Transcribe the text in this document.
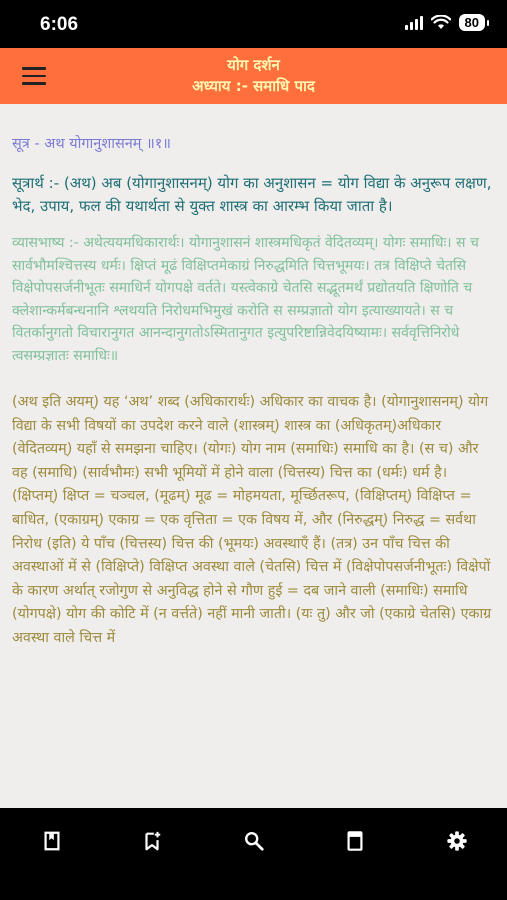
6:06	80
योग दर्शन
अध्याय :- समाधि पाद

सूत्र - अथ योगानुशासनम् ॥१॥

सूत्रार्थ :- (अथ) अब (योगानुशासनम्) योग का अनुशासन = योग विद्या के अनुरूप लक्षण, भेद, उपाय, फल की यथार्थता से युक्त शास्त्र का आरम्भ किया जाता है।

व्यासभाष्य :- अथेत्ययमधिकारार्थः। योगानुशासनं शास्त्रमधिकृतं वेदितव्यम्। योगः समाधिः। स च सार्वभौमश्चित्तस्य धर्मः। क्षिप्तं मूढं विक्षिप्तमेकाग्रं निरुद्धमिति चित्तभूमयः। तत्र विक्षिप्ते चेतसि विक्षेपोपसर्जनीभूतः समाधिर्न योगपक्षे वर्तते। यस्त्वेकाग्रे चेतसि सद्भूतमर्थं प्रद्योतयति क्षिणोति च क्लेशान्कर्मबन्धनानि श्लथयति निरोधमभिमुखं करोति स सम्प्रज्ञातो योग इत्याख्यायते। स च वितर्कानुगतो विचारानुगत आनन्दानुगतोऽस्मितानुगत इत्युपरिष्टान्निवेदयिष्यामः। सर्ववृत्तिनिरोधे त्वसम्प्रज्ञातः समाधिः॥

(अथ इति अयम्) यह ‘अथ’ शब्द (अधिकारार्थः) अधिकार का वाचक है। (योगानुशासनम्) योग विद्या के सभी विषयों का उपदेश करने वाले (शास्त्रम्) शास्त्र का (अधिकृतम्)अधिकार (वेदितव्यम्) यहाँ से समझना चाहिए। (योगः) योग नाम (समाधिः) समाधि का है। (स च) और वह (समाधि) (सार्वभौमः) सभी भूमियों में होने वाला (चित्तस्य) चित्त का (धर्मः) धर्म है। (क्षिप्तम्) क्षिप्त = चञ्चल, (मूढम्) मूढ = मोहमयता, मूर्च्छितरूप, (विक्षिप्तम्) विक्षिप्त = बाधित, (एकाग्रम्) एकाग्र = एक वृत्तिता = एक विषय में, और (निरुद्धम्) निरुद्ध = सर्वथा निरोध (इति) ये पाँच (चित्तस्य) चित्त की (भूमयः) अवस्थाएँ हैं। (तत्र) उन पाँच चित्त की अवस्थाओं में से (विक्षिप्ते) विक्षिप्त अवस्था वाले (चेतसि) चित्त में (विक्षेपोपसर्जनीभूतः) विक्षेपों के कारण अर्थात् रजोगुण से अनुविद्ध होने से गौण हुई = दब जाने वाली (समाधिः) समाधि (योगपक्षे) योग की कोटि में (न वर्त्तते) नहीं मानी जाती। (यः तु) और जो (एकाग्रे चेतसि) एकाग्र अवस्था वाले चित्त में
